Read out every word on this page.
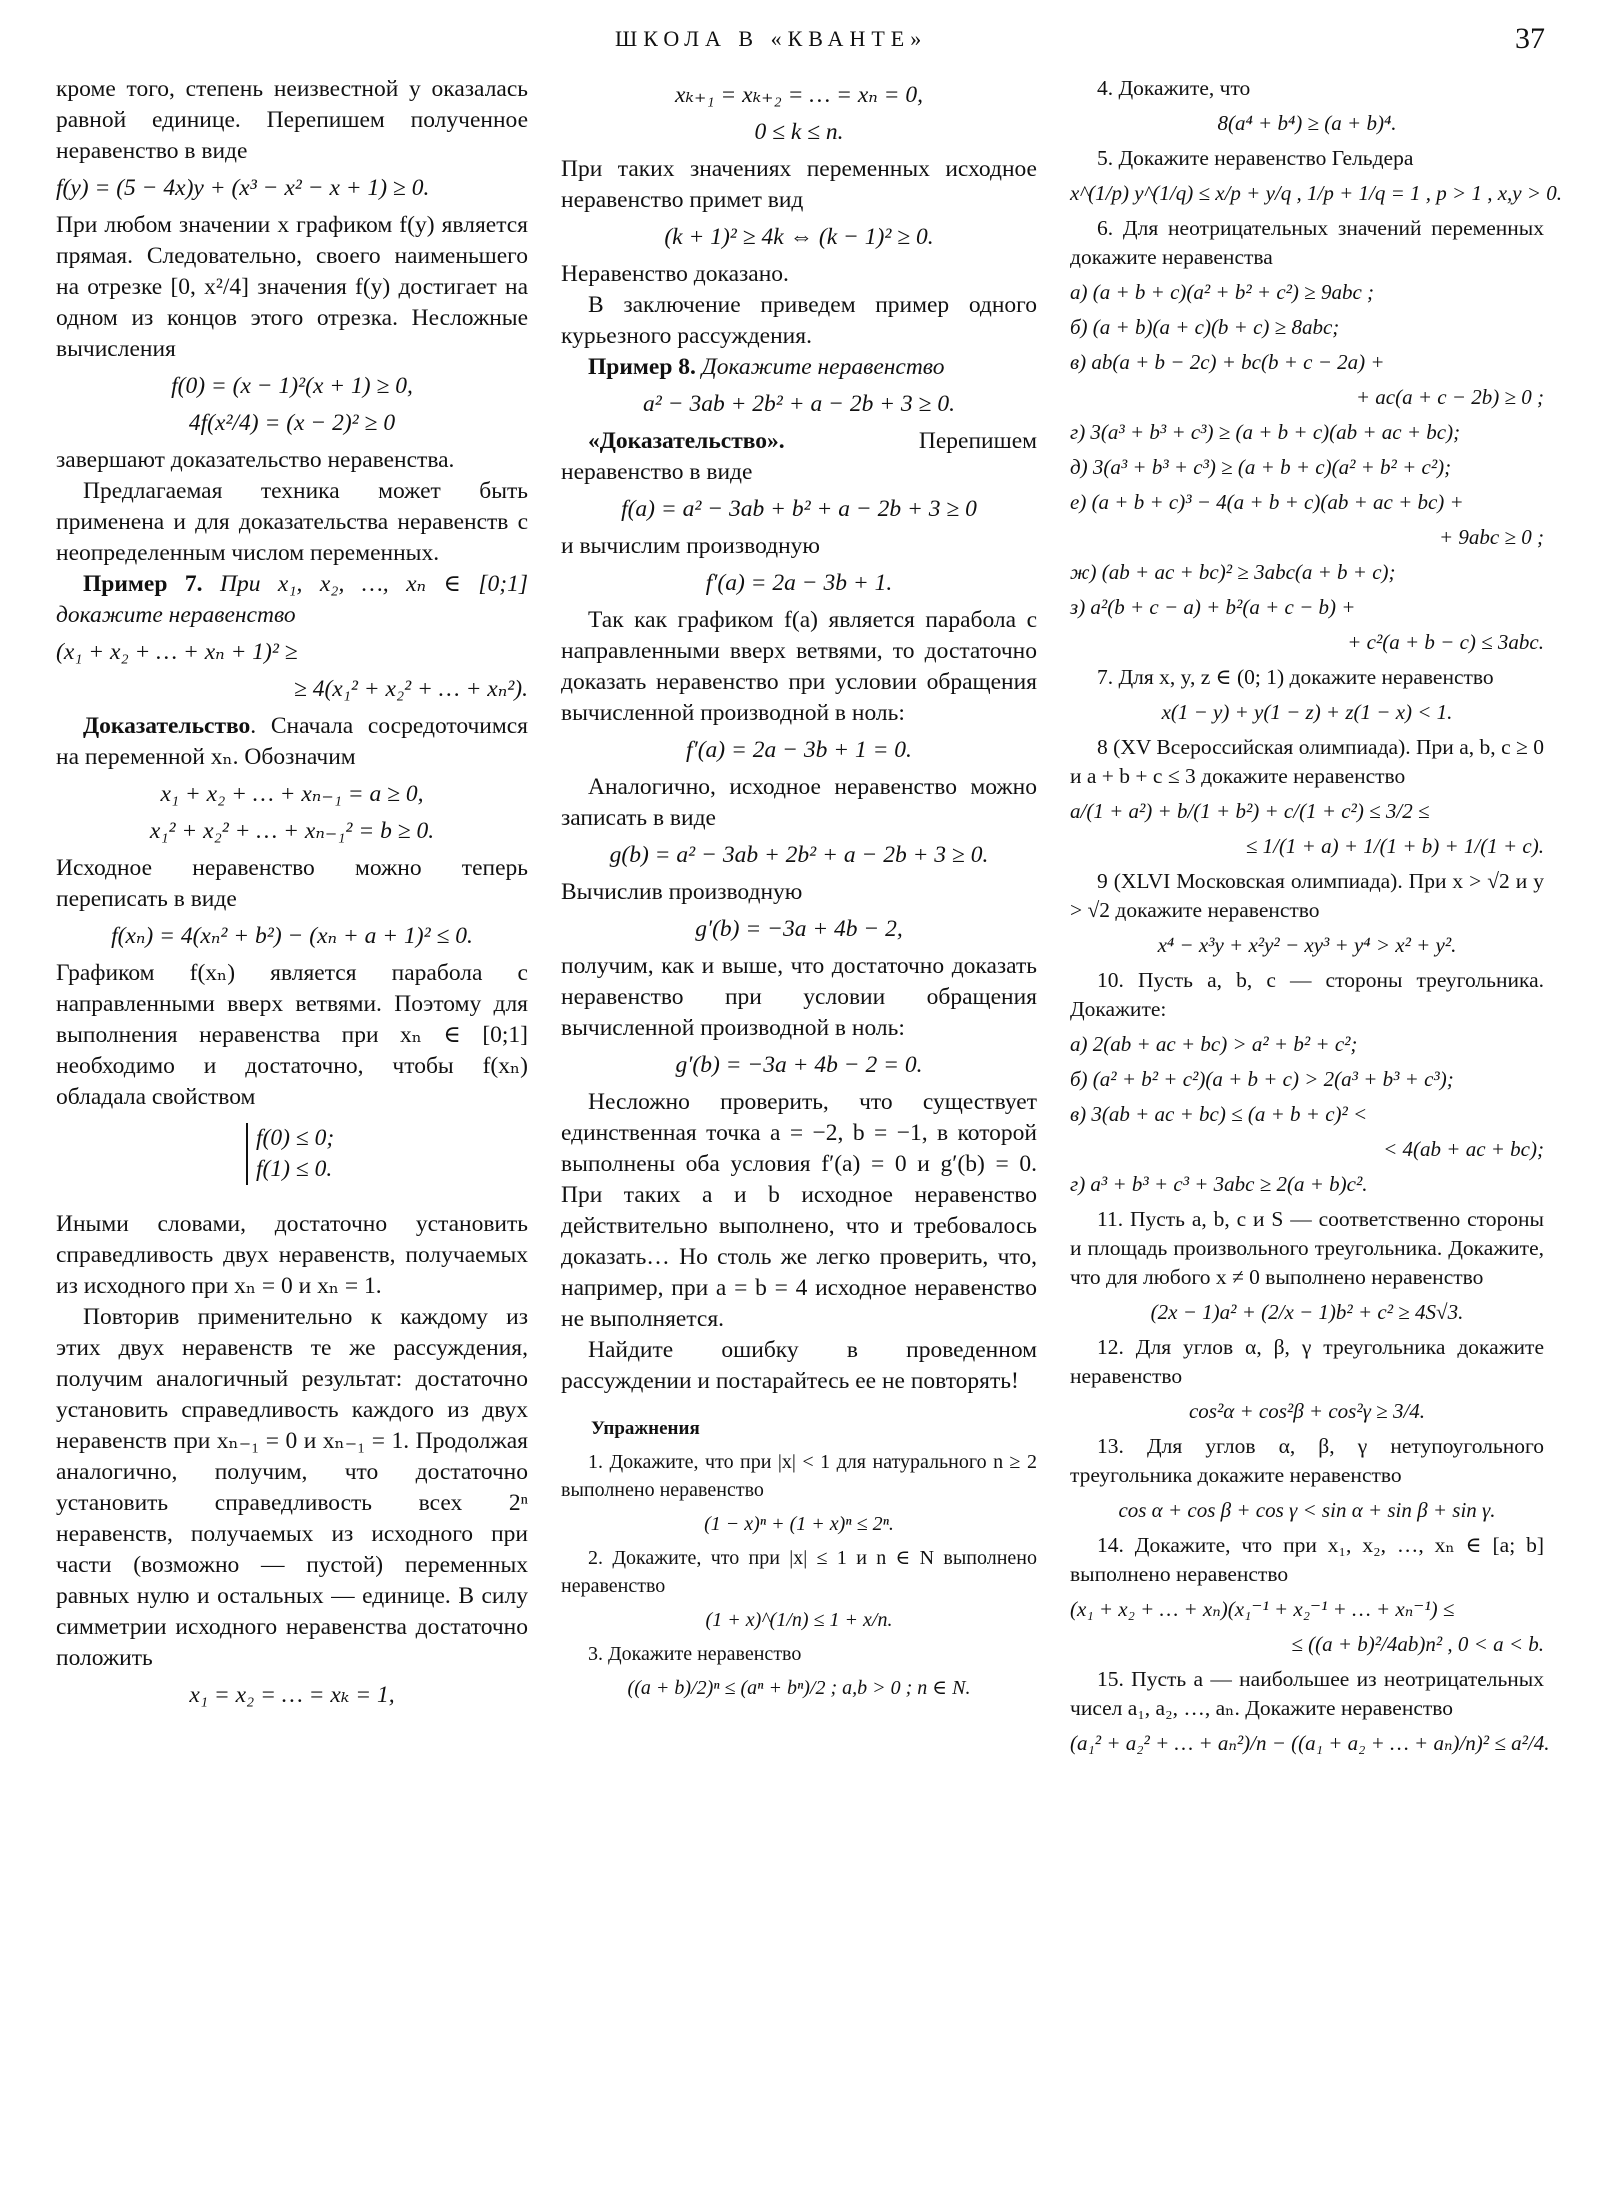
ШКОЛА В «КВАНТЕ»	37

кроме того, степень неизвестной y оказалась равной единице. Перепишем полученное неравенство в виде

f(y) = (5 − 4x)y + (x³ − x² − x + 1) ≥ 0.

При любом значении x графиком f(y) является прямая. Следовательно, своего наименьшего на отрезке [0, x²/4] значения f(y) достигает на одном из концов этого отрезка. Несложные вычисления

f(0) = (x − 1)²(x + 1) ≥ 0,
4f(x²/4) = (x − 2)² ≥ 0

завершают доказательство неравенства.

Предлагаемая техника может быть применена и для доказательства неравенств с неопределенным числом переменных.

Пример 7. При x₁, x₂, …, xₙ ∈ [0;1] докажите неравенство

(x₁ + x₂ + … + xₙ + 1)² ≥
≥ 4(x₁² + x₂² + … + xₙ²).

Доказательство. Сначала сосредоточимся на переменной xₙ. Обозначим

x₁ + x₂ + … + xₙ₋₁ = a ≥ 0,
x₁² + x₂² + … + xₙ₋₁² = b ≥ 0.

Исходное неравенство можно теперь переписать в виде

f(xₙ) = 4(xₙ² + b²) − (xₙ + a + 1)² ≤ 0.

Графиком f(xₙ) является парабола с направленными вверх ветвями. Поэтому для выполнения неравенства при xₙ ∈ [0;1] необходимо и достаточно, чтобы f(xₙ) обладала свойством

f(0) ≤ 0;
f(1) ≤ 0.

Иными словами, достаточно установить справедливость двух неравенств, получаемых из исходного при xₙ = 0 и xₙ = 1.

Повторив применительно к каждому из этих двух неравенств те же рассуждения, получим аналогичный результат: достаточно установить справедливость каждого из двух неравенств при xₙ₋₁ = 0 и xₙ₋₁ = 1. Продолжая аналогично, получим, что достаточно установить справедливость всех 2ⁿ неравенств, получаемых из исходного при части (возможно — пустой) переменных равных нулю и остальных — единице. В силу симметрии исходного неравенства достаточно положить

x₁ = x₂ = … = xₖ = 1,
xₖ₊₁ = xₖ₊₂ = … = xₙ = 0,
0 ≤ k ≤ n.

При таких значениях переменных исходное неравенство примет вид

(k + 1)² ≥ 4k ⇔ (k − 1)² ≥ 0.

Неравенство доказано.

В заключение приведем пример одного курьезного рассуждения.

Пример 8. Докажите неравенство

a² − 3ab + 2b² + a − 2b + 3 ≥ 0.

«Доказательство». Перепишем неравенство в виде

f(a) = a² − 3ab + b² + a − 2b + 3 ≥ 0

и вычислим производную

f′(a) = 2a − 3b + 1.

Так как графиком f(a) является парабола с направленными вверх ветвями, то достаточно доказать неравенство при условии обращения вычисленной производной в ноль:

f′(a) = 2a − 3b + 1 = 0.

Аналогично, исходное неравенство можно записать в виде

g(b) = a² − 3ab + 2b² + a − 2b + 3 ≥ 0.

Вычислив производную

g′(b) = −3a + 4b − 2,

получим, как и выше, что достаточно доказать неравенство при условии обращения вычисленной производной в ноль:

g′(b) = −3a + 4b − 2 = 0.

Несложно проверить, что существует единственная точка a = −2, b = −1, в которой выполнены оба условия f′(a) = 0 и g′(b) = 0. При таких a и b исходное неравенство действительно выполнено, что и требовалось доказать… Но столь же легко проверить, что, например, при a = b = 4 исходное неравенство не выполняется.

Найдите ошибку в проведенном рассуждении и постарайтесь ее не повторять!

Упражнения

1. Докажите, что при |x| < 1 для натурального n ≥ 2 выполнено неравенство

(1 − x)ⁿ + (1 + x)ⁿ ≤ 2ⁿ.

2. Докажите, что при |x| ≤ 1 и n ∈ N выполнено неравенство

(1 + x)^(1/n) ≤ 1 + x/n.

3. Докажите неравенство

((a + b)/2)ⁿ ≤ (aⁿ + bⁿ)/2 ; a,b > 0 ; n ∈ N.

4. Докажите, что

8(a⁴ + b⁴) ≥ (a + b)⁴.

5. Докажите неравенство Гельдера

x^(1/p) y^(1/q) ≤ x/p + y/q , 1/p + 1/q = 1 , p > 1 , x,y > 0.

6. Для неотрицательных значений переменных докажите неравенства

а) (a + b + c)(a² + b² + c²) ≥ 9abc ;
б) (a + b)(a + c)(b + c) ≥ 8abc;
в) ab(a + b − 2c) + bc(b + c − 2a) +
+ ac(a + c − 2b) ≥ 0 ;
г) 3(a³ + b³ + c³) ≥ (a + b + c)(ab + ac + bc);
д) 3(a³ + b³ + c³) ≥ (a + b + c)(a² + b² + c²);
е) (a + b + c)³ − 4(a + b + c)(ab + ac + bc) +
+ 9abc ≥ 0 ;
ж) (ab + ac + bc)² ≥ 3abc(a + b + c);
з) a²(b + c − a) + b²(a + c − b) +
+ c²(a + b − c) ≤ 3abc.

7. Для x, y, z ∈ (0; 1) докажите неравенство

x(1 − y) + y(1 − z) + z(1 − x) < 1.

8 (XV Всероссийская олимпиада). При a, b, c ≥ 0 и a + b + c ≤ 3 докажите неравенство

a/(1 + a²) + b/(1 + b²) + c/(1 + c²) ≤ 3/2 ≤
≤ 1/(1 + a) + 1/(1 + b) + 1/(1 + c).

9 (XLVI Московская олимпиада). При x > √2 и y > √2 докажите неравенство

x⁴ − x³y + x²y² − xy³ + y⁴ > x² + y².

10. Пусть a, b, c — стороны треугольника. Докажите:

а) 2(ab + ac + bc) > a² + b² + c²;
б) (a² + b² + c²)(a + b + c) > 2(a³ + b³ + c³);
в) 3(ab + ac + bc) ≤ (a + b + c)² <
< 4(ab + ac + bc);
г) a³ + b³ + c³ + 3abc ≥ 2(a + b)c².

11. Пусть a, b, c и S — соответственно стороны и площадь произвольного треугольника. Докажите, что для любого x ≠ 0 выполнено неравенство

(2x − 1)a² + (2/x − 1)b² + c² ≥ 4S√3.

12. Для углов α, β, γ треугольника докажите неравенство

cos²α + cos²β + cos²γ ≥ 3/4.

13. Для углов α, β, γ нетупоугольного треугольника докажите неравенство

cos α + cos β + cos γ < sin α + sin β + sin γ.

14. Докажите, что при x₁, x₂, …, xₙ ∈ [a; b] выполнено неравенство

(x₁ + x₂ + … + xₙ)(x₁⁻¹ + x₂⁻¹ + … + xₙ⁻¹) ≤
≤ ((a + b)²/4ab)n² , 0 < a < b.

15. Пусть a — наибольшее из неотрицательных чисел a₁, a₂, …, aₙ. Докажите неравенство

(a₁² + a₂² + … + aₙ²)/n − ((a₁ + a₂ + … + aₙ)/n)² ≤ a²/4.
